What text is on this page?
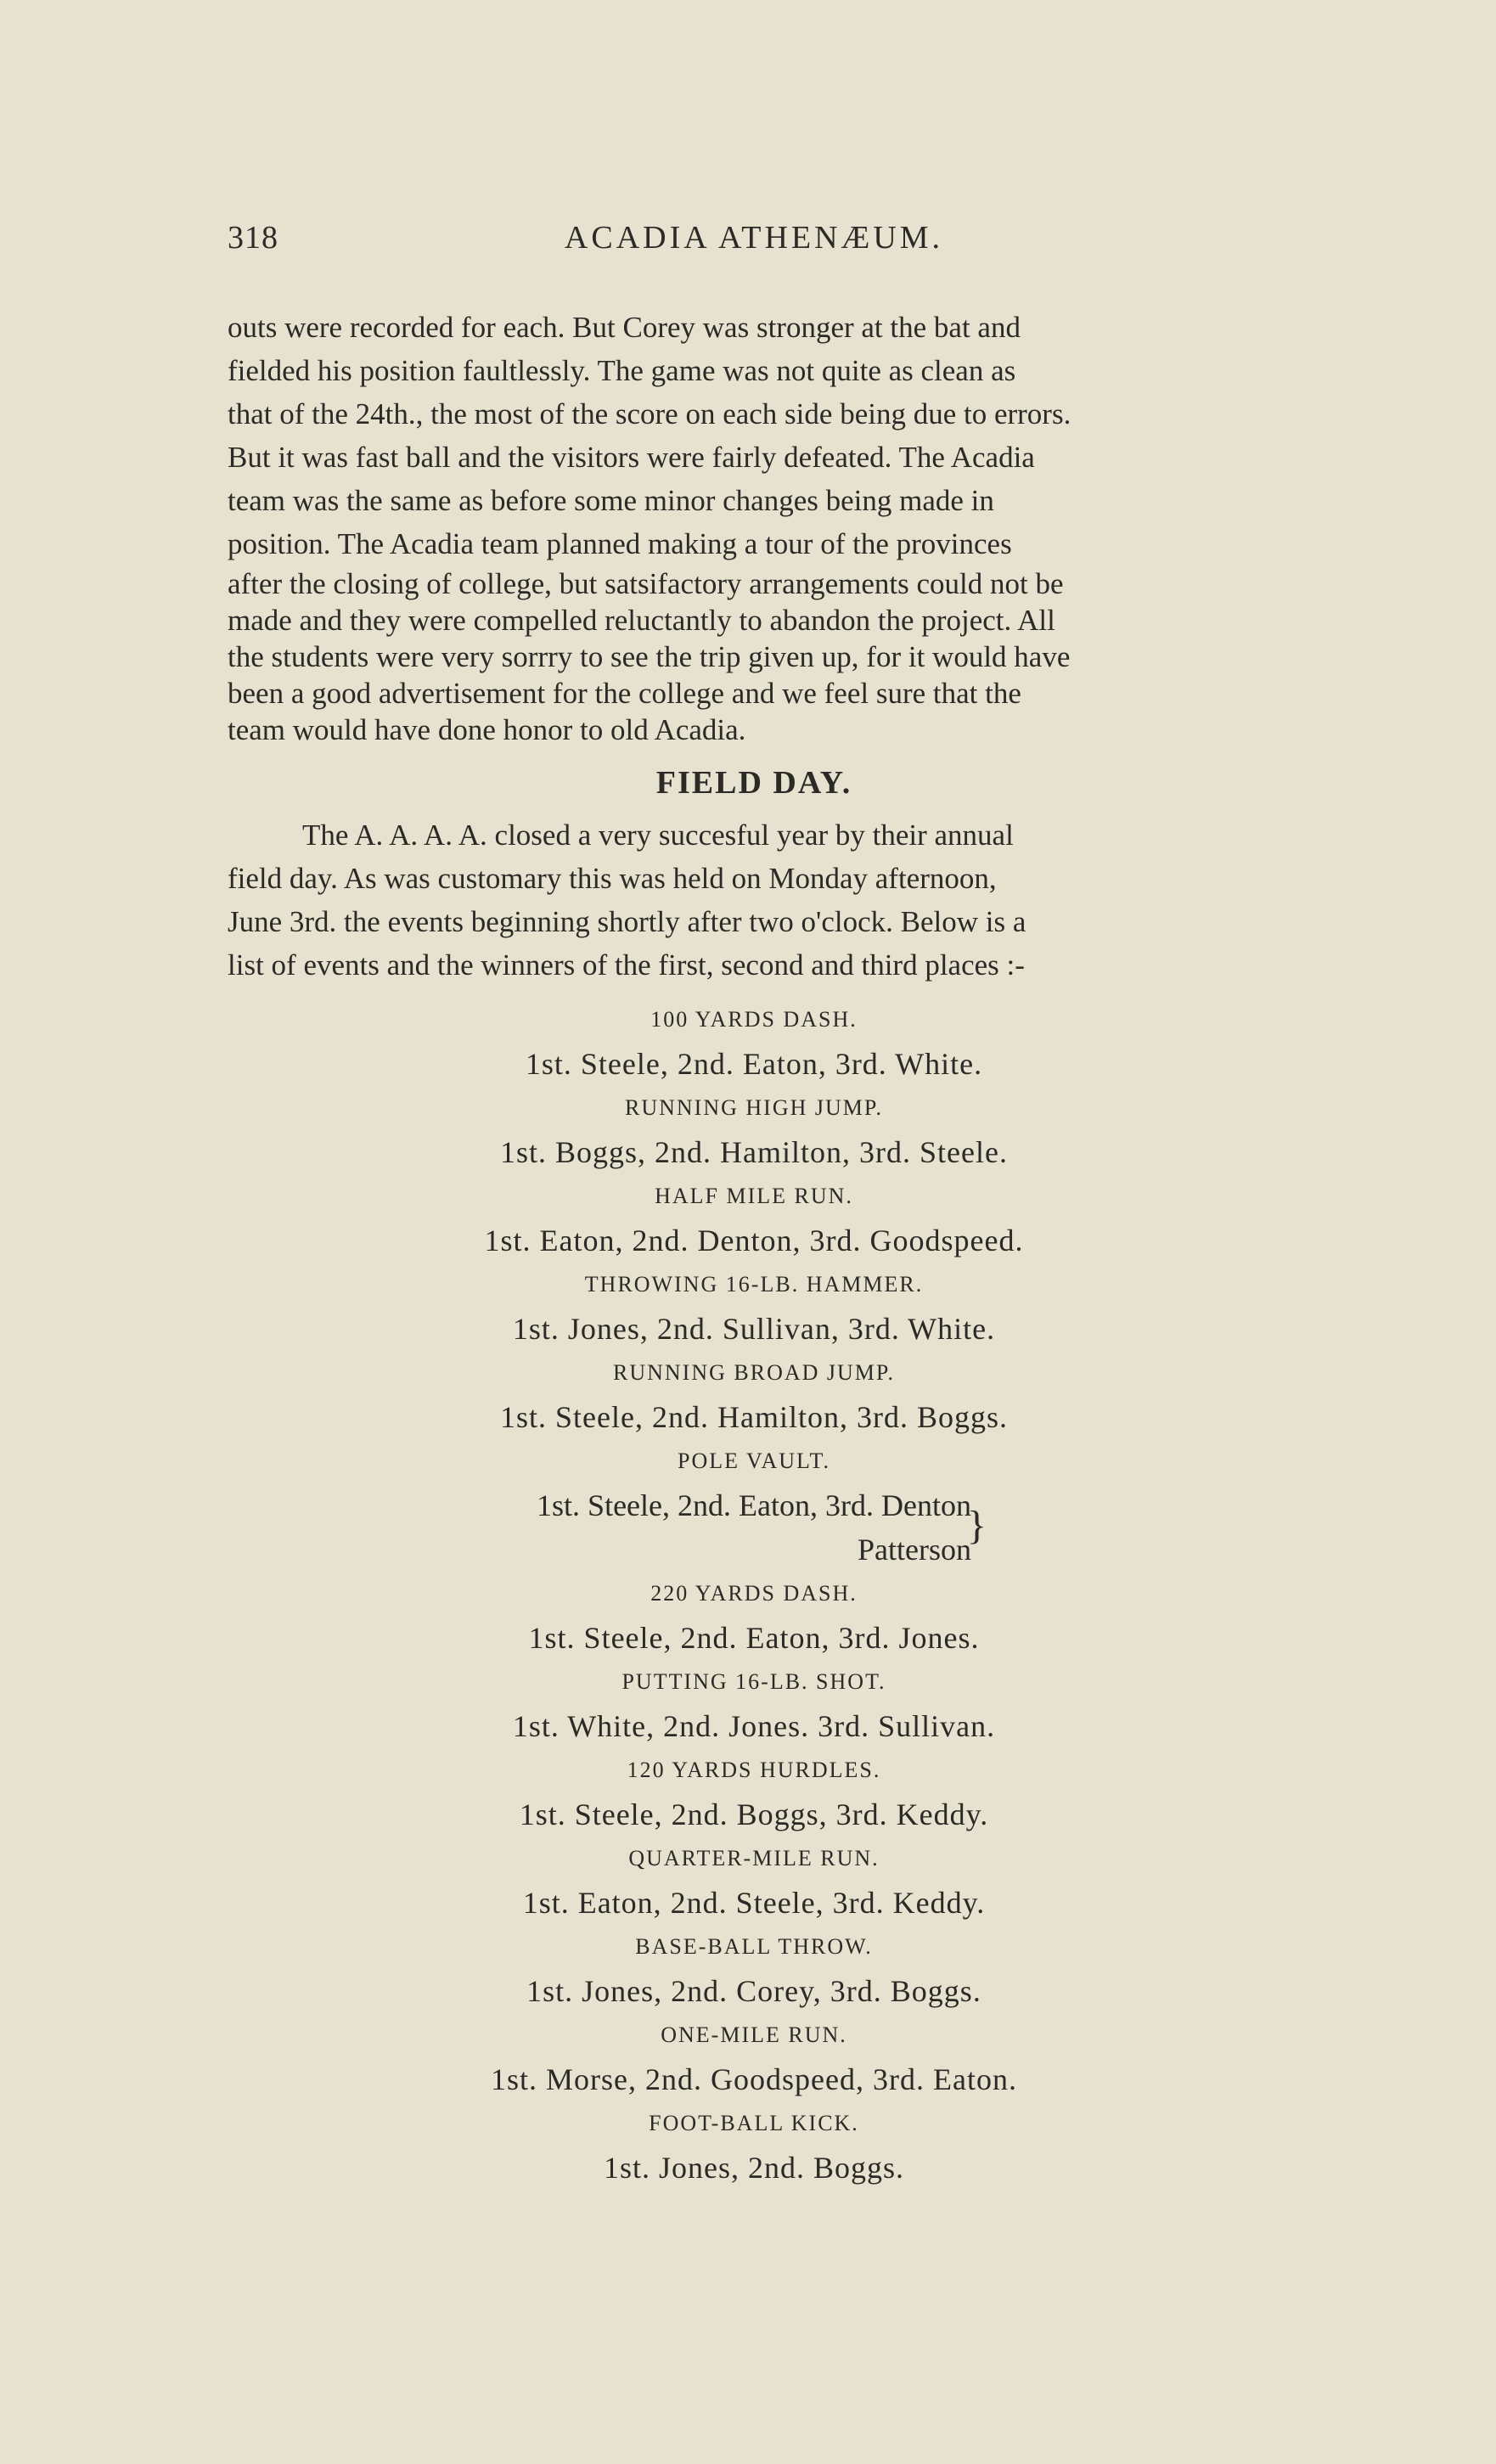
318	ACADIA ATHENÆUM.

outs were recorded for each. But Corey was stronger at the bat and

fielded his position faultlessly. The game was not quite as clean as

that of the 24th., the most of the score on each side being due to errors.

But it was fast ball and the visitors were fairly defeated. The Acadia

team was the same as before some minor changes being made in

position. The Acadia team planned making a tour of the provinces

after the closing of college, but satsifactory arrangements could not be

made and they were compelled reluctantly to abandon the project. All

the students were very sorrry to see the trip given up, for it would have

been a good advertisement for the college and we feel sure that the

team would have done honor to old Acadia.

FIELD DAY.

The A. A. A. A. closed a very succesful year by their annual

field day. As was customary this was held on Monday afternoon,

June 3rd. the events beginning shortly after two o'clock. Below is a

list of events and the winners of the first, second and third places :-

100 YARDS DASH.
1st. Steele, 2nd. Eaton, 3rd. White.
RUNNING HIGH JUMP.
1st. Boggs, 2nd. Hamilton, 3rd. Steele.
HALF MILE RUN.
1st. Eaton, 2nd. Denton, 3rd. Goodspeed.
THROWING 16-LB. HAMMER.
1st. Jones, 2nd. Sullivan, 3rd. White.
RUNNING BROAD JUMP.
1st. Steele, 2nd. Hamilton, 3rd. Boggs.
POLE VAULT.
1st. Steele, 2nd. Eaton, 3rd. Denton
}
Patterson
220 YARDS DASH.
1st. Steele, 2nd. Eaton, 3rd. Jones.
PUTTING 16-LB. SHOT.
1st. White, 2nd. Jones. 3rd. Sullivan.
120 YARDS HURDLES.
1st. Steele, 2nd. Boggs, 3rd. Keddy.
QUARTER-MILE RUN.
1st. Eaton, 2nd. Steele, 3rd. Keddy.
BASE-BALL THROW.
1st. Jones, 2nd. Corey, 3rd. Boggs.
ONE-MILE RUN.
1st. Morse, 2nd. Goodspeed, 3rd. Eaton.
FOOT-BALL KICK.
1st. Jones, 2nd. Boggs.
